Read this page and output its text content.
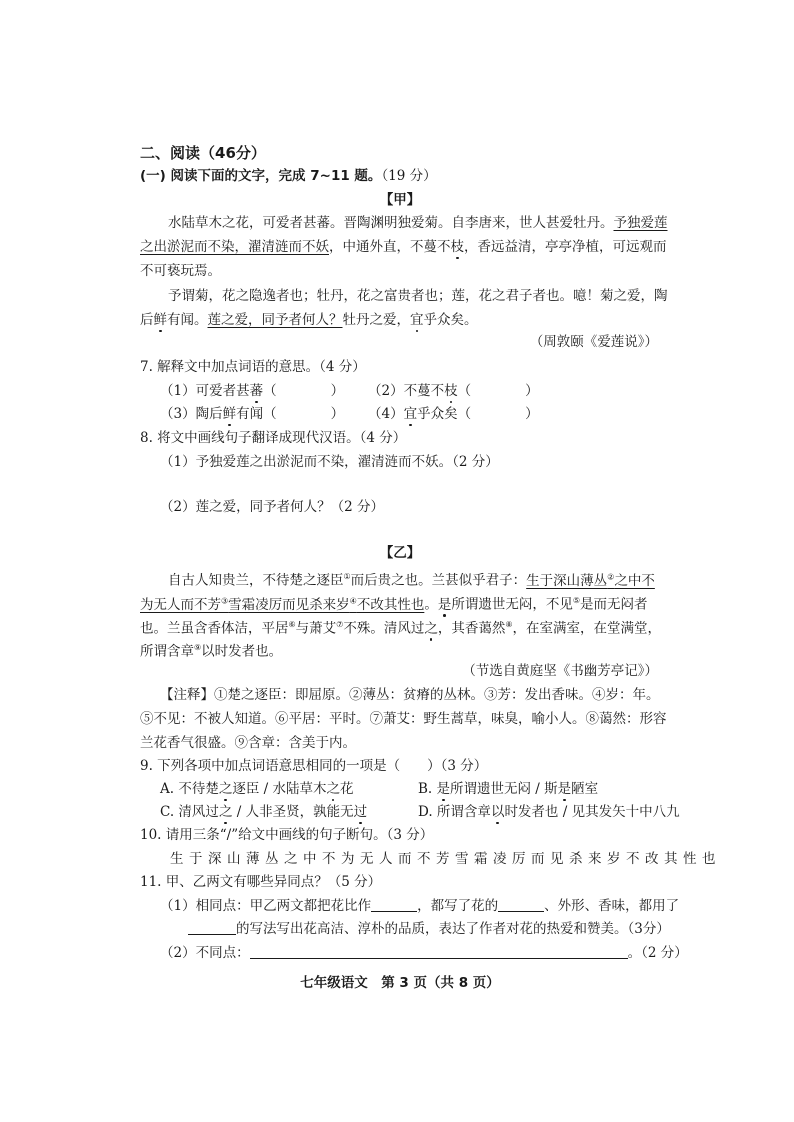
二、阅读（46分）
(一) 阅读下面的文字，完成 7~11 题。（19 分）
【甲】
水陆草木之花，可爱者甚蕃。晋陶渊明独爱菊。自李唐来，世人甚爱牡丹。予独爱莲
之出淤泥而不染，濯清涟而不妖，中通外直，不蔓不枝，香远益清，亭亭净植，可远观而
不可亵玩焉。
予谓菊，花之隐逸者也；牡丹，花之富贵者也；莲，花之君子者也。噫！菊之爱，陶
后鲜有闻。莲之爱，同予者何人？牡丹之爱，宜乎众矣。
（周敦颐《爱莲说》）
7. 解释文中加点词语的意思。（4 分）
（1）可爱者甚蕃（　　　　） （2）不蔓不枝（　　　　）
（3）陶后鲜有闻（　　　　） （4）宜乎众矣（　　　　）
8. 将文中画线句子翻译成现代汉语。（4 分）
（1）予独爱莲之出淤泥而不染，濯清涟而不妖。（2 分）
（2）莲之爱，同予者何人？（2 分）
【乙】
自古人知贵兰，不待楚之逐臣①而后贵之也。兰甚似乎君子：生于深山薄丛②之中不
为无人而不芳③雪霜凌厉而见杀来岁④不改其性也。是所谓遗世无闷，不见⑤是而无闷者
也。兰虽含香体洁，平居⑥与萧艾⑦不殊。清风过之，其香蔼然⑧，在室满室，在堂满堂，
所谓含章⑨以时发者也。
（节选自黄庭坚《书幽芳亭记》）
【注释】①楚之逐臣：即屈原。②薄丛：贫瘠的丛林。③芳：发出香味。④岁：年。
⑤不见：不被人知道。⑥平居：平时。⑦萧艾：野生蒿草，味臭，喻小人。⑧蔼然：形容
兰花香气很盛。⑨含章：含美于内。
9. 下列各项中加点词语意思相同的一项是（　　）（3 分）
A. 不待楚之逐臣 / 水陆草木之花	B. 是所谓遗世无闷 / 斯是陋室
C. 清风过之 / 人非圣贤，孰能无过	D. 所谓含章以时发者也 / 见其发矢十中八九
10. 请用三条“/”给文中画线的句子断句。（3 分）
生于深山薄丛之中不为无人而不芳雪霜凌厉而见杀来岁不改其性也
11. 甲、乙两文有哪些异同点？（5 分）
（1）相同点：甲乙两文都把花比作	，都写了花的	、外形、香味，都用了
的写法写出花高洁、淳朴的品质，表达了作者对花的热爱和赞美。（3分）
（2）不同点：	。（2 分）
七年级语文　第 3 页（共 8 页）
